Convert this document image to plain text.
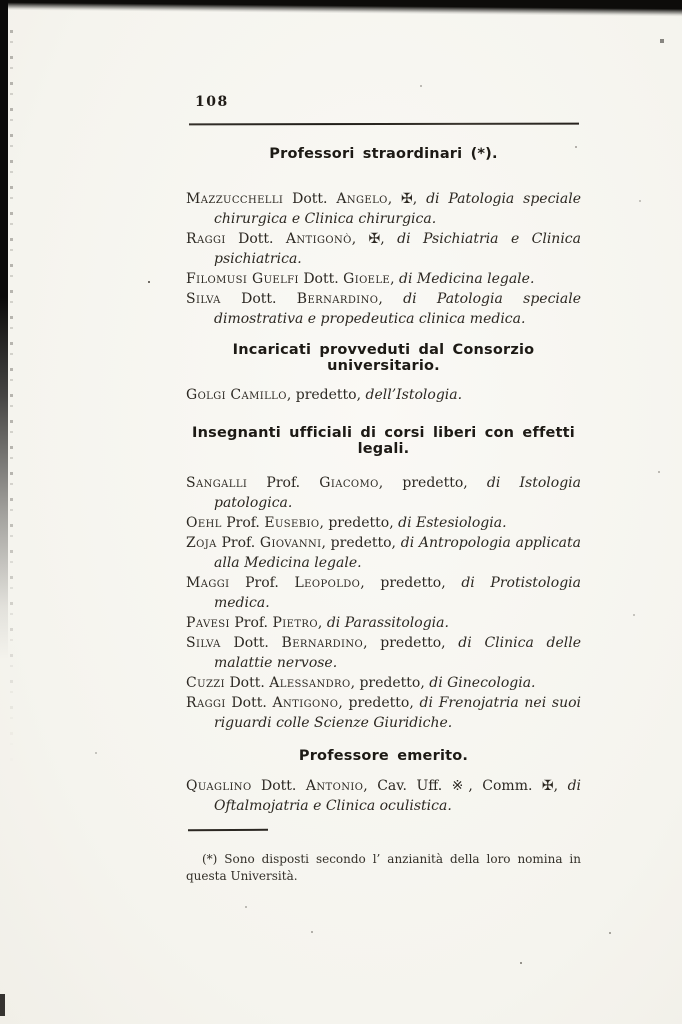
108
Professori straordinari (*).

Mazzucchelli Dott. Angelo, ✠, di Patologia speciale chirurgica e Clinica chirurgica.

Raggi Dott. Antigonò, ✠, di Psichiatria e Clinica psichiatrica.

Filomusi Guelfi Dott. Gioele, di Medicina legale.

Silva Dott. Bernardino, di Patologia speciale dimostrativa e propedeutica clinica medica.

Incaricati provveduti dal Consorzio universitario.

Golgi Camillo, predetto, dell’Istologia.

Insegnanti ufficiali di corsi liberi con effetti legali.

Sangalli Prof. Giacomo, predetto, di Istologia patologica.

Oehl Prof. Eusebio, predetto, di Estesiologia.

Zoja Prof. Giovanni, predetto, di Antropologia applicata alla Medicina legale.

Maggi Prof. Leopoldo, predetto, di Protistologia medica.

Pavesi Prof. Pietro, di Parassitologia.

Silva Dott. Bernardino, predetto, di Clinica delle malattie nervose.

Cuzzi Dott. Alessandro, predetto, di Ginecologia.

Raggi Dott. Antigono, predetto, di Frenojatria nei suoi riguardi colle Scienze Giuridiche.

Professore emerito.

Quaglino Dott. Antonio, Cav. Uff. ※, Comm. ✠, di Oftalmojatria e Clinica oculistica.

(*) Sono disposti secondo l’ anzianità della loro nomina in questa Università.
